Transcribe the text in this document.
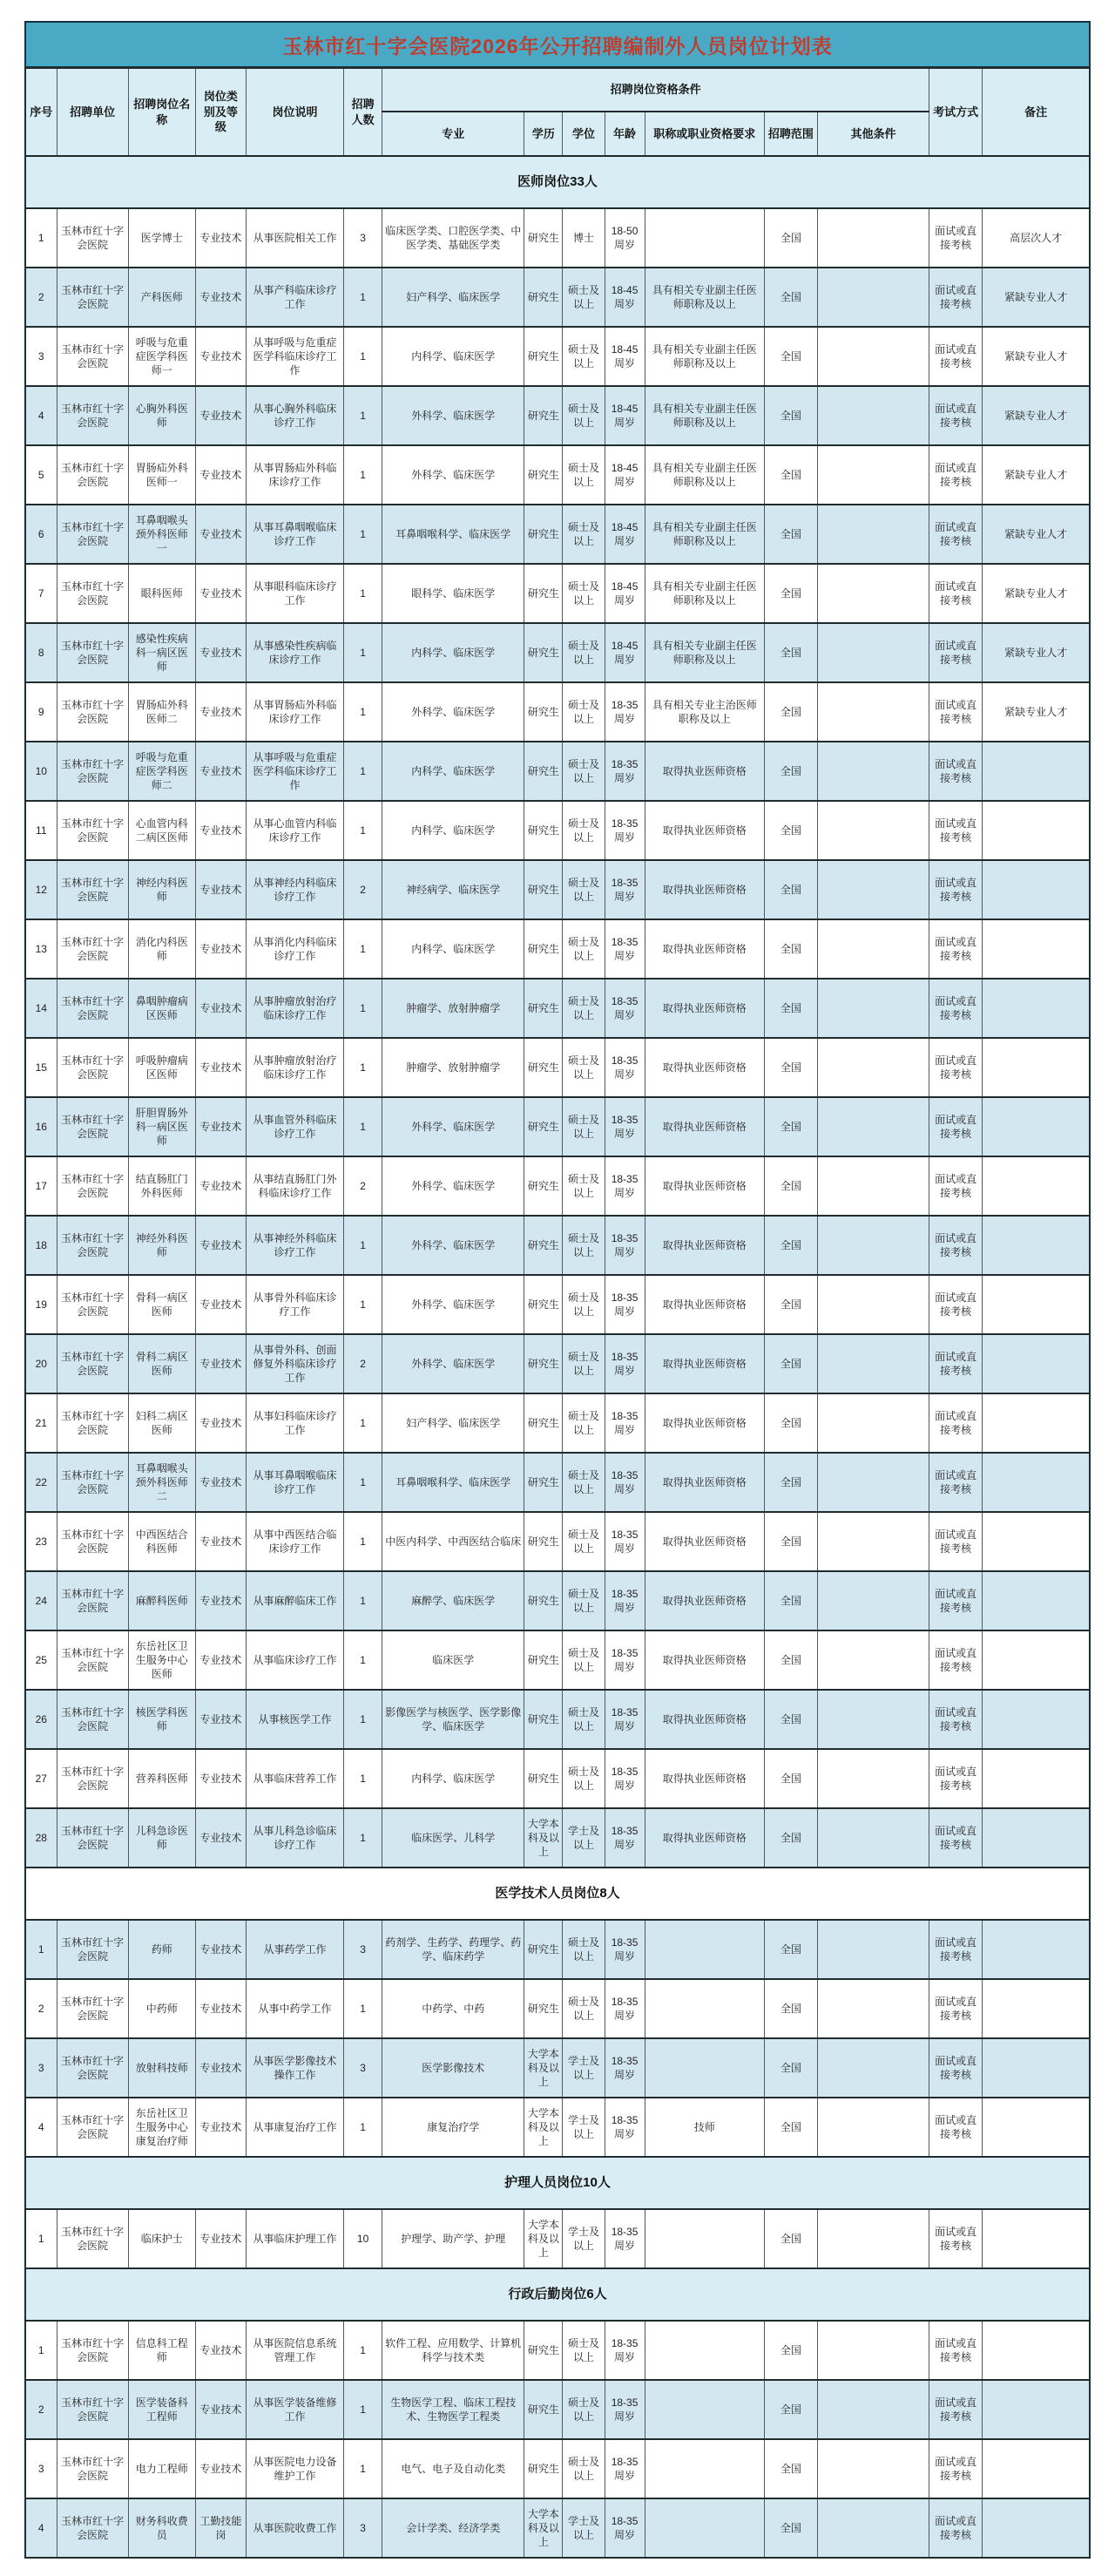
玉林市红十字会医院2026年公开招聘编制外人员岗位计划表
序号	招聘单位	招聘岗位名称	岗位类别及等级	岗位说明	招聘人数	招聘岗位资格条件							考试方式	备注
						专业	学历	学位	年龄	职称或职业资格要求	招聘范围	其他条件		
医师岗位33人														
1	玉林市红十字会医院	医学博士	专业技术	从事医院相关工作	3	临床医学类、口腔医学类、中医学类、基础医学类	研究生	博士	18-50周岁		全国		面试或直接考核	高层次人才
2	玉林市红十字会医院	产科医师	专业技术	从事产科临床诊疗工作	1	妇产科学、临床医学	研究生	硕士及以上	18-45周岁	具有相关专业副主任医师职称及以上	全国		面试或直接考核	紧缺专业人才
3	玉林市红十字会医院	呼吸与危重症医学科医师一	专业技术	从事呼吸与危重症医学科临床诊疗工作	1	内科学、临床医学	研究生	硕士及以上	18-45周岁	具有相关专业副主任医师职称及以上	全国		面试或直接考核	紧缺专业人才
4	玉林市红十字会医院	心胸外科医师	专业技术	从事心胸外科临床诊疗工作	1	外科学、临床医学	研究生	硕士及以上	18-45周岁	具有相关专业副主任医师职称及以上	全国		面试或直接考核	紧缺专业人才
5	玉林市红十字会医院	胃肠疝外科医师一	专业技术	从事胃肠疝外科临床诊疗工作	1	外科学、临床医学	研究生	硕士及以上	18-45周岁	具有相关专业副主任医师职称及以上	全国		面试或直接考核	紧缺专业人才
6	玉林市红十字会医院	耳鼻咽喉头颈外科医师一	专业技术	从事耳鼻咽喉临床诊疗工作	1	耳鼻咽喉科学、临床医学	研究生	硕士及以上	18-45周岁	具有相关专业副主任医师职称及以上	全国		面试或直接考核	紧缺专业人才
7	玉林市红十字会医院	眼科医师	专业技术	从事眼科临床诊疗工作	1	眼科学、临床医学	研究生	硕士及以上	18-45周岁	具有相关专业副主任医师职称及以上	全国		面试或直接考核	紧缺专业人才
8	玉林市红十字会医院	感染性疾病科一病区医师	专业技术	从事感染性疾病临床诊疗工作	1	内科学、临床医学	研究生	硕士及以上	18-45周岁	具有相关专业副主任医师职称及以上	全国		面试或直接考核	紧缺专业人才
9	玉林市红十字会医院	胃肠疝外科医师二	专业技术	从事胃肠疝外科临床诊疗工作	1	外科学、临床医学	研究生	硕士及以上	18-35周岁	具有相关专业主治医师职称及以上	全国		面试或直接考核	紧缺专业人才
10	玉林市红十字会医院	呼吸与危重症医学科医师二	专业技术	从事呼吸与危重症医学科临床诊疗工作	1	内科学、临床医学	研究生	硕士及以上	18-35周岁	取得执业医师资格	全国		面试或直接考核	
11	玉林市红十字会医院	心血管内科二病区医师	专业技术	从事心血管内科临床诊疗工作	1	内科学、临床医学	研究生	硕士及以上	18-35周岁	取得执业医师资格	全国		面试或直接考核	
12	玉林市红十字会医院	神经内科医师	专业技术	从事神经内科临床诊疗工作	2	神经病学、临床医学	研究生	硕士及以上	18-35周岁	取得执业医师资格	全国		面试或直接考核	
13	玉林市红十字会医院	消化内科医师	专业技术	从事消化内科临床诊疗工作	1	内科学、临床医学	研究生	硕士及以上	18-35周岁	取得执业医师资格	全国		面试或直接考核	
14	玉林市红十字会医院	鼻咽肿瘤病区医师	专业技术	从事肿瘤放射治疗临床诊疗工作	1	肿瘤学、放射肿瘤学	研究生	硕士及以上	18-35周岁	取得执业医师资格	全国		面试或直接考核	
15	玉林市红十字会医院	呼吸肿瘤病区医师	专业技术	从事肿瘤放射治疗临床诊疗工作	1	肿瘤学、放射肿瘤学	研究生	硕士及以上	18-35周岁	取得执业医师资格	全国		面试或直接考核	
16	玉林市红十字会医院	肝胆胃肠外科一病区医师	专业技术	从事血管外科临床诊疗工作	1	外科学、临床医学	研究生	硕士及以上	18-35周岁	取得执业医师资格	全国		面试或直接考核	
17	玉林市红十字会医院	结直肠肛门外科医师	专业技术	从事结直肠肛门外科临床诊疗工作	2	外科学、临床医学	研究生	硕士及以上	18-35周岁	取得执业医师资格	全国		面试或直接考核	
18	玉林市红十字会医院	神经外科医师	专业技术	从事神经外科临床诊疗工作	1	外科学、临床医学	研究生	硕士及以上	18-35周岁	取得执业医师资格	全国		面试或直接考核	
19	玉林市红十字会医院	骨科一病区医师	专业技术	从事骨外科临床诊疗工作	1	外科学、临床医学	研究生	硕士及以上	18-35周岁	取得执业医师资格	全国		面试或直接考核	
20	玉林市红十字会医院	骨科二病区医师	专业技术	从事骨外科、创面修复外科临床诊疗工作	2	外科学、临床医学	研究生	硕士及以上	18-35周岁	取得执业医师资格	全国		面试或直接考核	
21	玉林市红十字会医院	妇科二病区医师	专业技术	从事妇科临床诊疗工作	1	妇产科学、临床医学	研究生	硕士及以上	18-35周岁	取得执业医师资格	全国		面试或直接考核	
22	玉林市红十字会医院	耳鼻咽喉头颈外科医师二	专业技术	从事耳鼻咽喉临床诊疗工作	1	耳鼻咽喉科学、临床医学	研究生	硕士及以上	18-35周岁	取得执业医师资格	全国		面试或直接考核	
23	玉林市红十字会医院	中西医结合科医师	专业技术	从事中西医结合临床诊疗工作	1	中医内科学、中西医结合临床	研究生	硕士及以上	18-35周岁	取得执业医师资格	全国		面试或直接考核	
24	玉林市红十字会医院	麻醉科医师	专业技术	从事麻醉临床工作	1	麻醉学、临床医学	研究生	硕士及以上	18-35周岁	取得执业医师资格	全国		面试或直接考核	
25	玉林市红十字会医院	东岳社区卫生服务中心医师	专业技术	从事临床诊疗工作	1	临床医学	研究生	硕士及以上	18-35周岁	取得执业医师资格	全国		面试或直接考核	
26	玉林市红十字会医院	核医学科医师	专业技术	从事核医学工作	1	影像医学与核医学、医学影像学、临床医学	研究生	硕士及以上	18-35周岁	取得执业医师资格	全国		面试或直接考核	
27	玉林市红十字会医院	营养科医师	专业技术	从事临床营养工作	1	内科学、临床医学	研究生	硕士及以上	18-35周岁	取得执业医师资格	全国		面试或直接考核	
28	玉林市红十字会医院	儿科急诊医师	专业技术	从事儿科急诊临床诊疗工作	1	临床医学、儿科学	大学本科及以上	学士及以上	18-35周岁	取得执业医师资格	全国		面试或直接考核	
医学技术人员岗位8人														
1	玉林市红十字会医院	药师	专业技术	从事药学工作	3	药剂学、生药学、药理学、药学、临床药学	研究生	硕士及以上	18-35周岁		全国		面试或直接考核	
2	玉林市红十字会医院	中药师	专业技术	从事中药学工作	1	中药学、中药	研究生	硕士及以上	18-35周岁		全国		面试或直接考核	
3	玉林市红十字会医院	放射科技师	专业技术	从事医学影像技术操作工作	3	医学影像技术	大学本科及以上	学士及以上	18-35周岁		全国		面试或直接考核	
4	玉林市红十字会医院	东岳社区卫生服务中心康复治疗师	专业技术	从事康复治疗工作	1	康复治疗学	大学本科及以上	学士及以上	18-35周岁	技师	全国		面试或直接考核	
护理人员岗位10人														
1	玉林市红十字会医院	临床护士	专业技术	从事临床护理工作	10	护理学、助产学、护理	大学本科及以上	学士及以上	18-35周岁		全国		面试或直接考核	
行政后勤岗位6人														
1	玉林市红十字会医院	信息科工程师	专业技术	从事医院信息系统管理工作	1	软件工程、应用数学、计算机科学与技术类	研究生	硕士及以上	18-35周岁		全国		面试或直接考核	
2	玉林市红十字会医院	医学装备科工程师	专业技术	从事医学装备维修工作	1	生物医学工程、临床工程技术、生物医学工程类	研究生	硕士及以上	18-35周岁		全国		面试或直接考核	
3	玉林市红十字会医院	电力工程师	专业技术	从事医院电力设备维护工作	1	电气、电子及自动化类	研究生	硕士及以上	18-35周岁		全国		面试或直接考核	
4	玉林市红十字会医院	财务科收费员	工勤技能岗	从事医院收费工作	3	会计学类、经济学类	大学本科及以上	学士及以上	18-35周岁		全国		面试或直接考核	
